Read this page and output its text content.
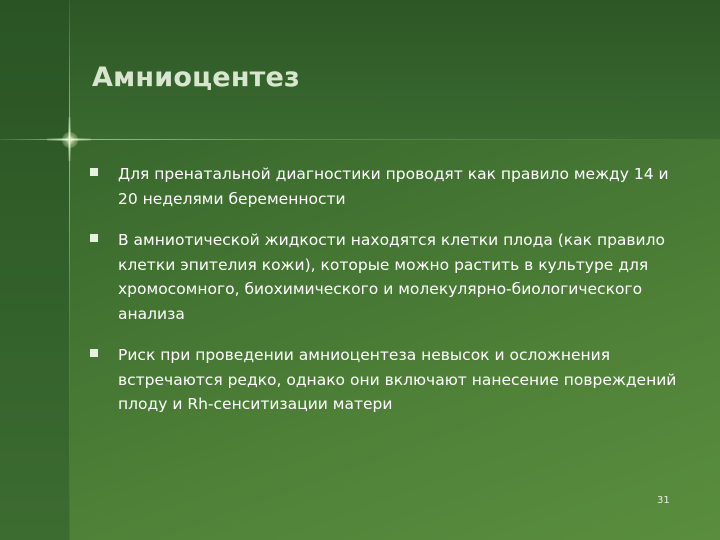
Амниоцентез
Для пренатальной диагностики проводят как правило между 14 и 20 неделями беременности
В амниотической жидкости находятся клетки плода (как правило клетки эпителия кожи), которые можно растить в культуре для хромосомного, биохимического и молекулярно-биологического анализа
Риск при проведении амниоцентеза невысок и осложнения встречаются редко, однако они включают нанесение повреждений плоду и Rh-сенситизации матери
31
